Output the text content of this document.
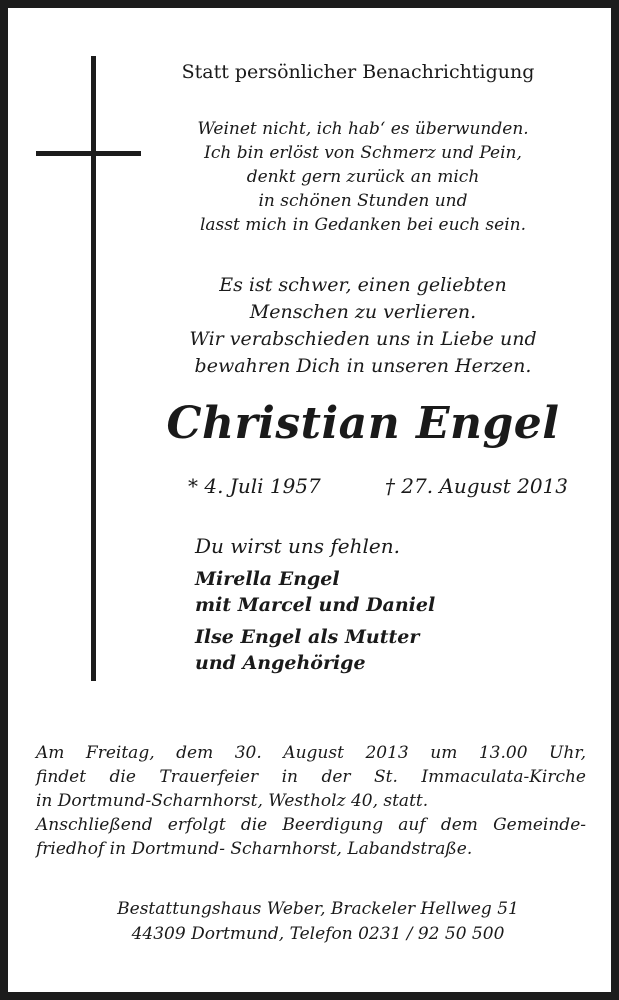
Statt persönlicher Benachrichtigung
Weinet nicht, ich hab‘ es überwunden.
Ich bin erlöst von Schmerz und Pein,
denkt gern zurück an mich
in schönen Stunden und
lasst mich in Gedanken bei euch sein.
Es ist schwer, einen geliebten
Menschen zu verlieren.
Wir verabschieden uns in Liebe und
bewahren Dich in unseren Herzen.
Christian Engel
* 4. Juli 1957	† 27. August 2013
Du wirst uns fehlen.
Mirella Engel
mit Marcel und Daniel
Ilse Engel als Mutter
und Angehörige
Am Freitag, dem 30. August 2013 um 13.00 Uhr,
findet die Trauerfeier in der St. Immaculata-Kirche
in Dortmund-Scharnhorst, Westholz 40, statt.
Anschließend erfolgt die Beerdigung auf dem Gemeinde-
friedhof in Dortmund- Scharnhorst, Labandstraße.
Bestattungshaus Weber, Brackeler Hellweg 51
44309 Dortmund, Telefon 0231 / 92 50 500
